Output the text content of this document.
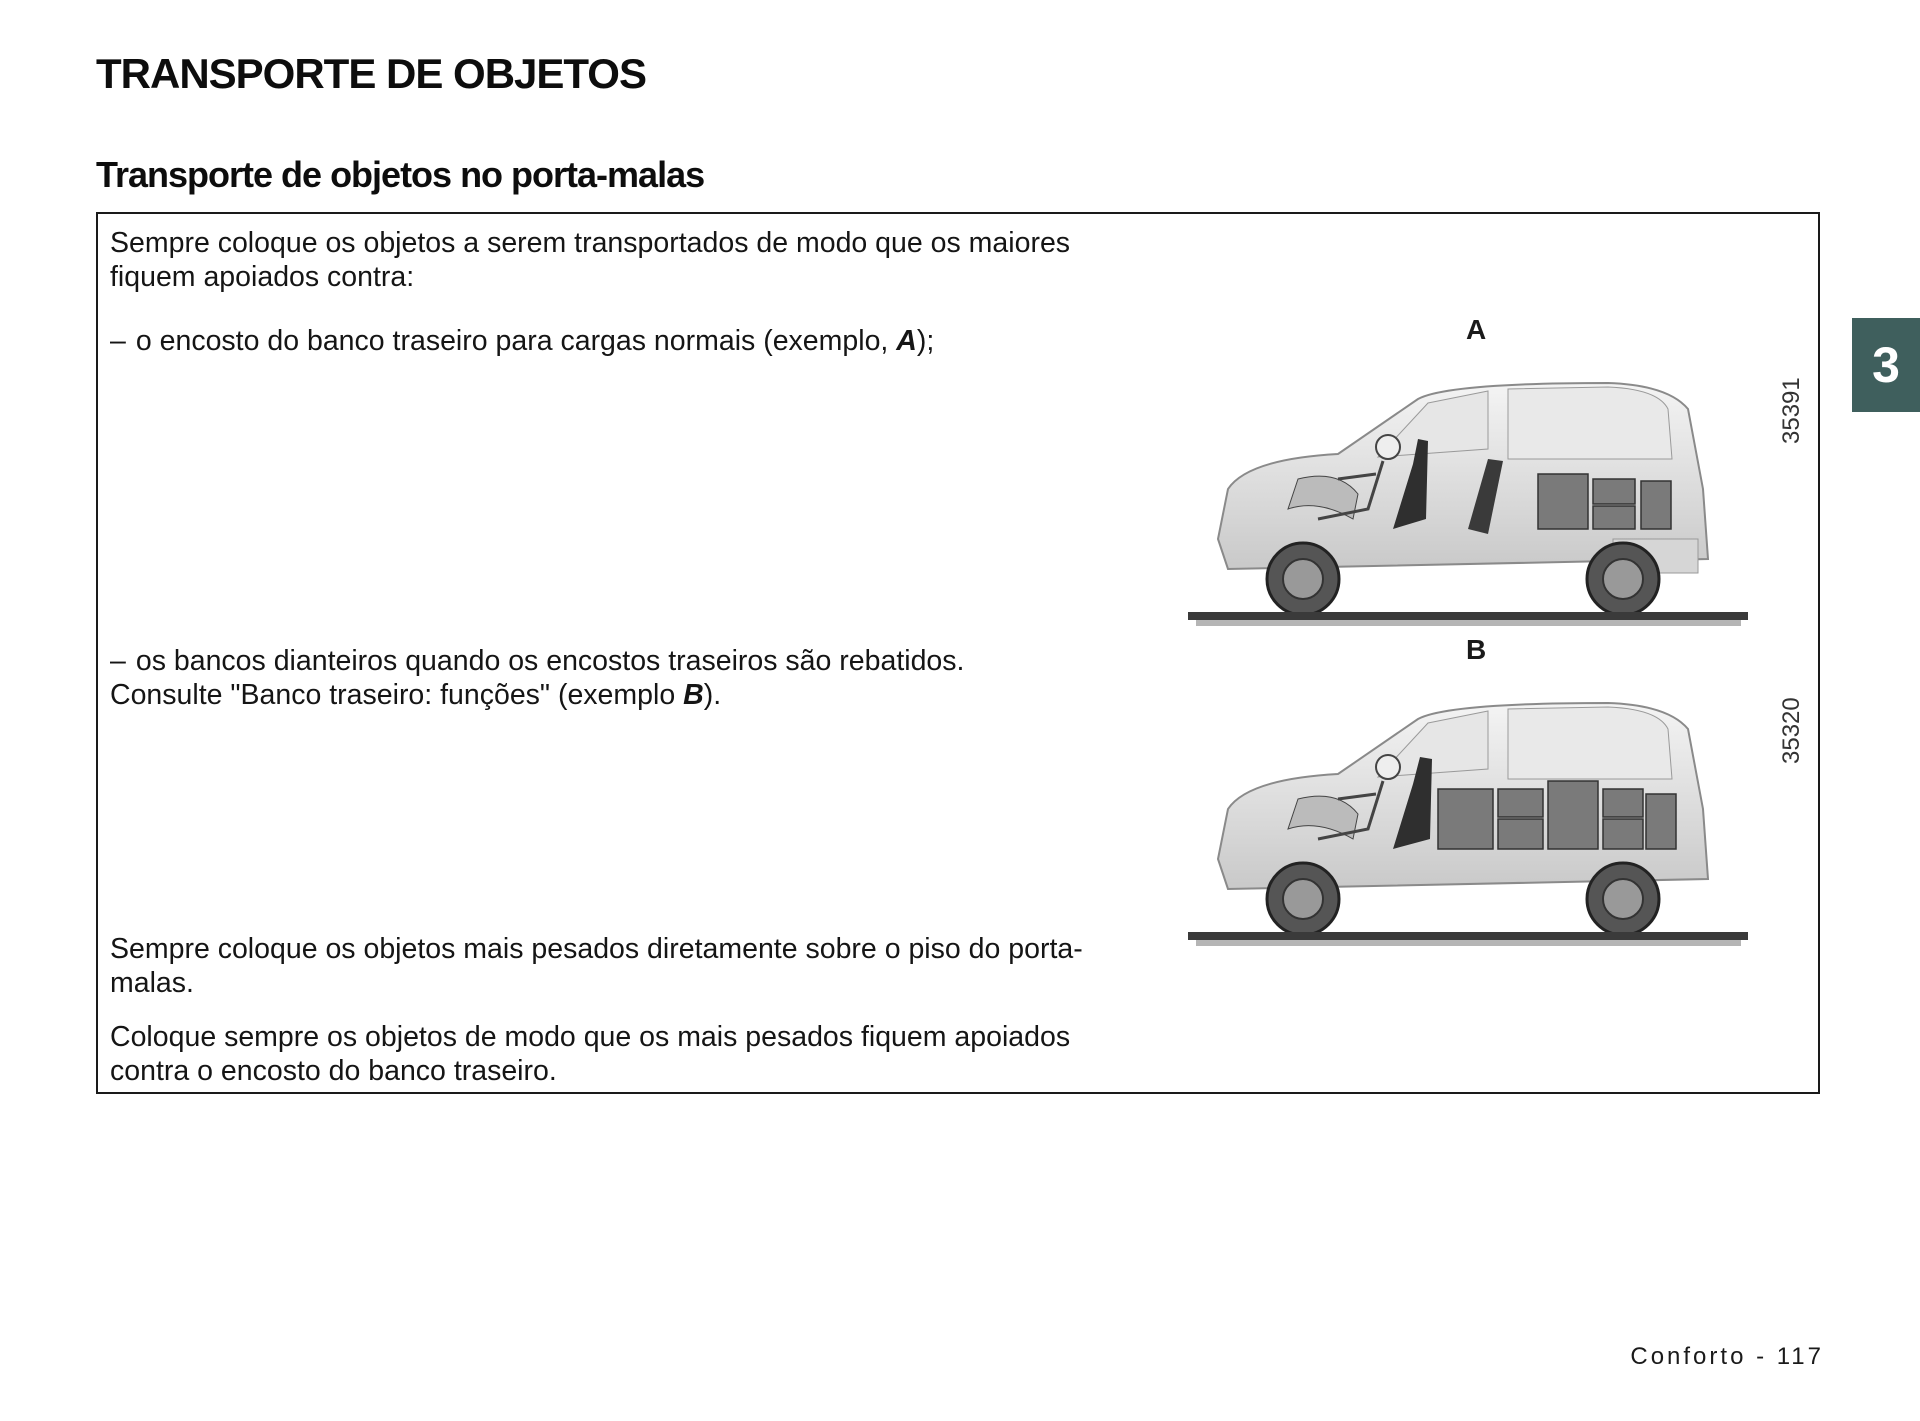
TRANSPORTE DE OBJETOS
Transporte de objetos no porta-malas

Sempre coloque os objetos a serem transportados de modo que os maiores fiquem apoiados contra:

– o encosto do banco traseiro para cargas normais (exemplo, A);

– os bancos dianteiros quando os encostos traseiros são rebatidos.
Consulte "Banco traseiro: funções" (exemplo B).

Sempre coloque os objetos mais pesados diretamente sobre o piso do porta-malas.

Coloque sempre os objetos de modo que os mais pesados fiquem apoiados contra o encosto do banco traseiro.

A
35391
B
35320
3
Conforto - 117
